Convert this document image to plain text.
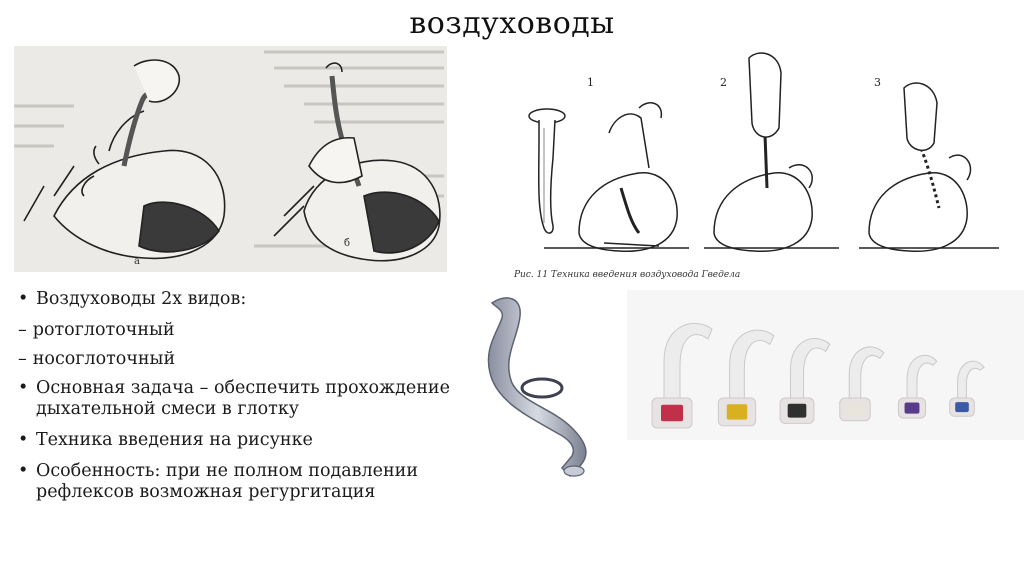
воздуховоды
а
б
1	2	3
Рис. 11 Техника введения воздуховода Гведела
• Воздуховоды 2х видов:
– ротоглоточный
– носоглоточный
• Основная задача – обеспечить прохождение дыхательной смеси в глотку
• Техника введения на рисунке
• Особенность: при не полном подавлении рефлексов возможная регургитация
